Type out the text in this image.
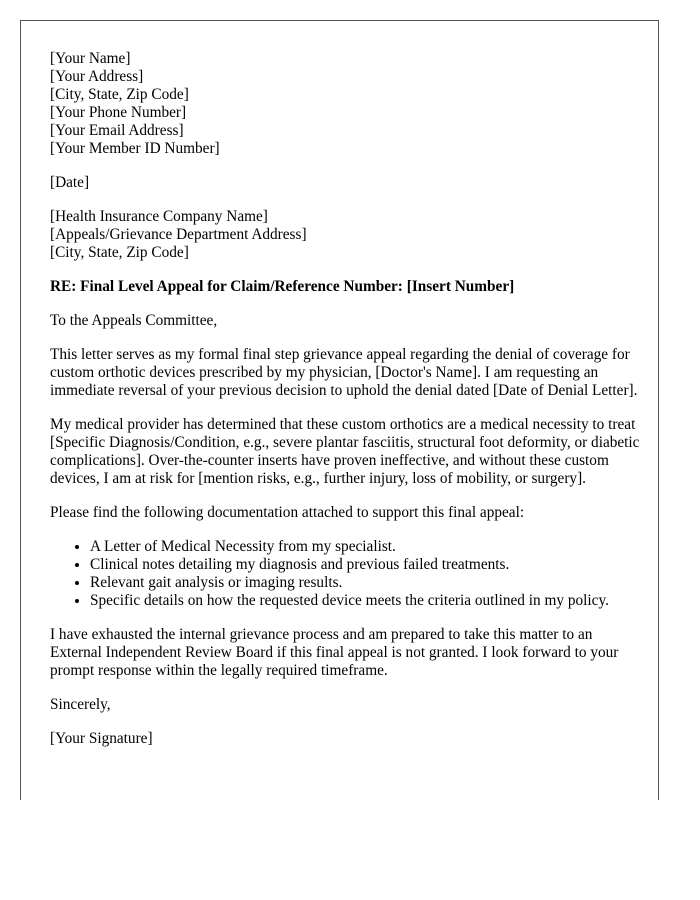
[Your Name]
[Your Address]
[City, State, Zip Code]
[Your Phone Number]
[Your Email Address]
[Your Member ID Number]
[Date]
[Health Insurance Company Name]
[Appeals/Grievance Department Address]
[City, State, Zip Code]
RE: Final Level Appeal for Claim/Reference Number: [Insert Number]

To the Appeals Committee,

This letter serves as my formal final step grievance appeal regarding the denial of coverage for custom orthotic devices prescribed by my physician, [Doctor's Name]. I am requesting an immediate reversal of your previous decision to uphold the denial dated [Date of Denial Letter].

My medical provider has determined that these custom orthotics are a medical necessity to treat [Specific Diagnosis/Condition, e.g., severe plantar fasciitis, structural foot deformity, or diabetic complications]. Over-the-counter inserts have proven ineffective, and without these custom devices, I am at risk for [mention risks, e.g., further injury, loss of mobility, or surgery].

Please find the following documentation attached to support this final appeal:

• A Letter of Medical Necessity from my specialist.
• Clinical notes detailing my diagnosis and previous failed treatments.
• Relevant gait analysis or imaging results.
• Specific details on how the requested device meets the criteria outlined in my policy.

I have exhausted the internal grievance process and am prepared to take this matter to an External Independent Review Board if this final appeal is not granted. I look forward to your prompt response within the legally required timeframe.

Sincerely,

[Your Signature]
